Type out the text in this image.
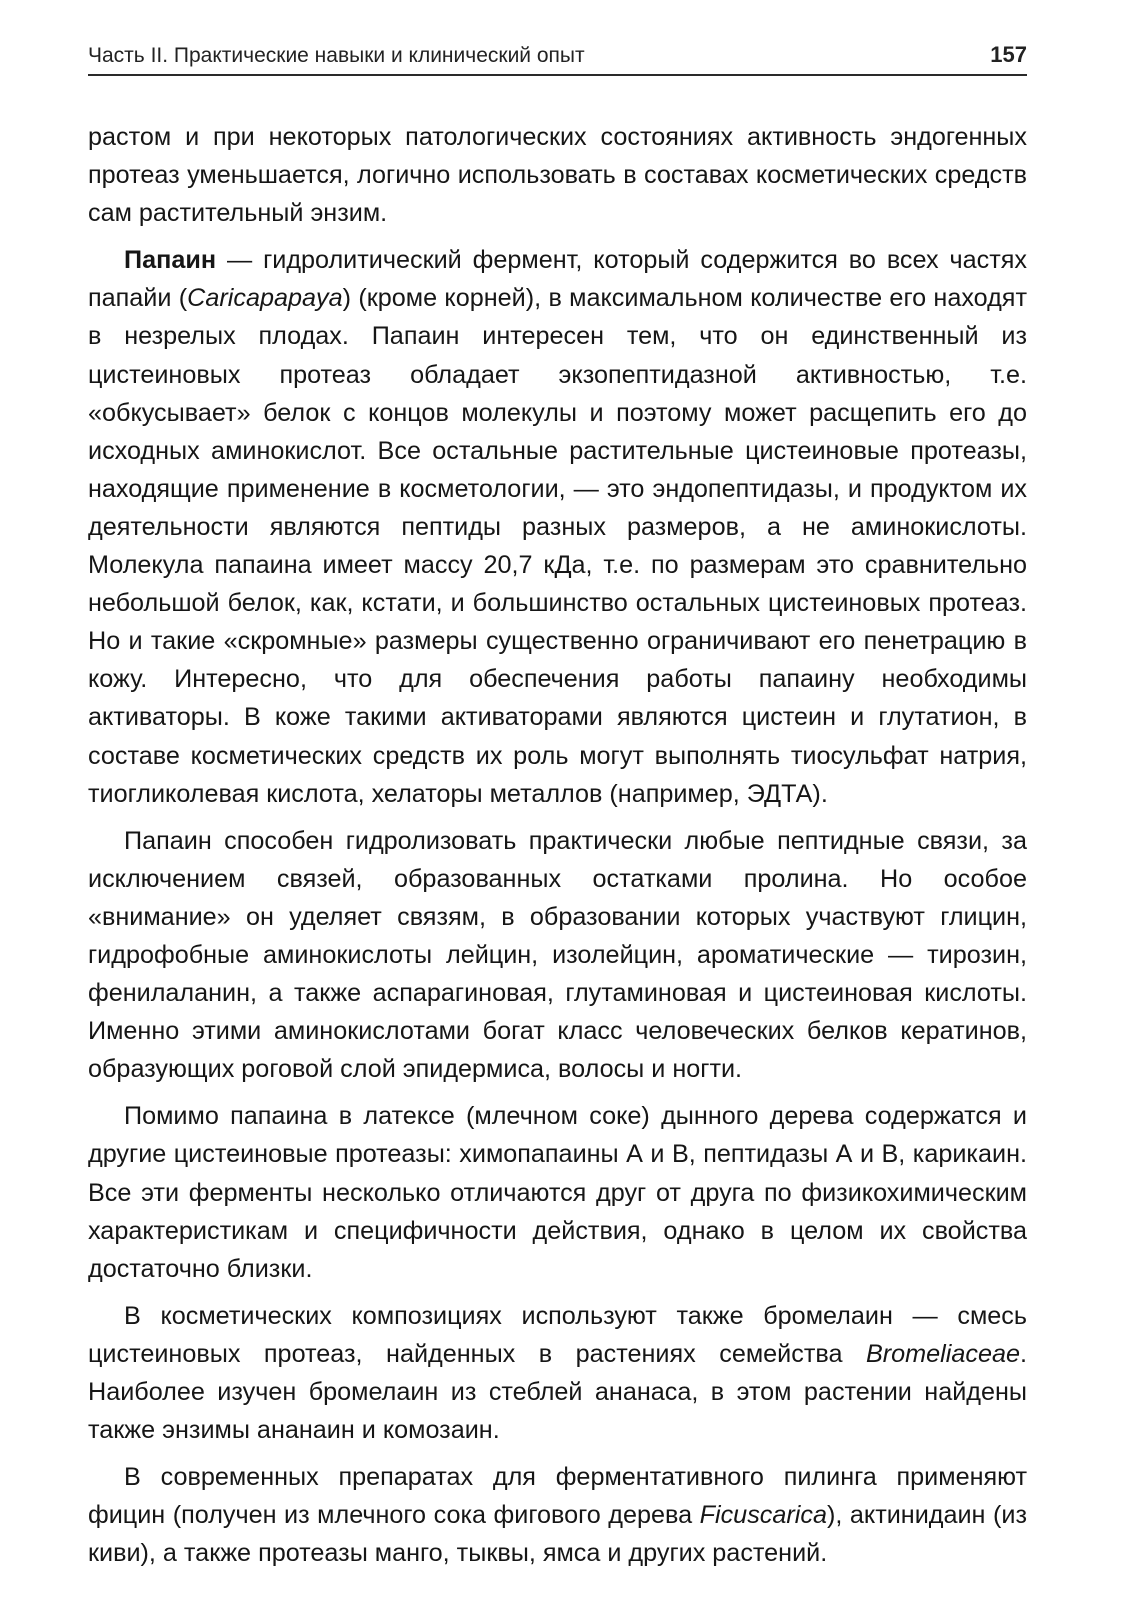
Часть II. Практические навыки и клинический опыт	157

растом и при некоторых патологических состояниях активность эндогенных протеаз уменьшается, логично использовать в составах косметических средств сам растительный энзим.

Папаин — гидролитический фермент, который содержится во всех частях папайи (Caricapapaya) (кроме корней), в максимальном количестве его находят в незрелых плодах. Папаин интересен тем, что он единственный из цистеиновых протеаз обладает экзопептидазной активностью, т.е. «обкусывает» белок с концов молекулы и поэтому может расщепить его до исходных аминокислот. Все остальные растительные цистеиновые протеазы, находящие применение в косметологии, — это эндопептидазы, и продуктом их деятельности являются пептиды разных размеров, а не аминокислоты. Молекула папаина имеет массу 20,7 кДа, т.е. по размерам это сравнительно небольшой белок, как, кстати, и большинство остальных цистеиновых протеаз. Но и такие «скромные» размеры существенно ограничивают его пенетрацию в кожу. Интересно, что для обеспечения работы папаину необходимы активаторы. В коже такими активаторами являются цистеин и глутатион, в составе косметических средств их роль могут выполнять тиосульфат натрия, тиогликолевая кислота, хелаторы металлов (например, ЭДТА).

Папаин способен гидролизовать практически любые пептидные связи, за исключением связей, образованных остатками пролина. Но особое «внимание» он уделяет связям, в образовании которых участвуют глицин, гидрофобные аминокислоты лейцин, изолейцин, ароматические — тирозин, фенилаланин, а также аспарагиновая, глутаминовая и цистеиновая кислоты. Именно этими аминокислотами богат класс человеческих белков кератинов, образующих роговой слой эпидермиса, волосы и ногти.

Помимо папаина в латексе (млечном соке) дынного дерева содержатся и другие цистеиновые протеазы: химопапаины А и В, пептидазы А и В, карикаин. Все эти ферменты несколько отличаются друг от друга по физикохимическим характеристикам и специфичности действия, однако в целом их свойства достаточно близки.

В косметических композициях используют также бромелаин — смесь цистеиновых протеаз, найденных в растениях семейства Bromeliaceae. Наиболее изучен бромелаин из стеблей ананаса, в этом растении найдены также энзимы ананаин и комозаин.

В современных препаратах для ферментативного пилинга применяют фицин (получен из млечного сока фигового дерева Ficuscarica), актинидаин (из киви), а также протеазы манго, тыквы, ямса и других растений.
